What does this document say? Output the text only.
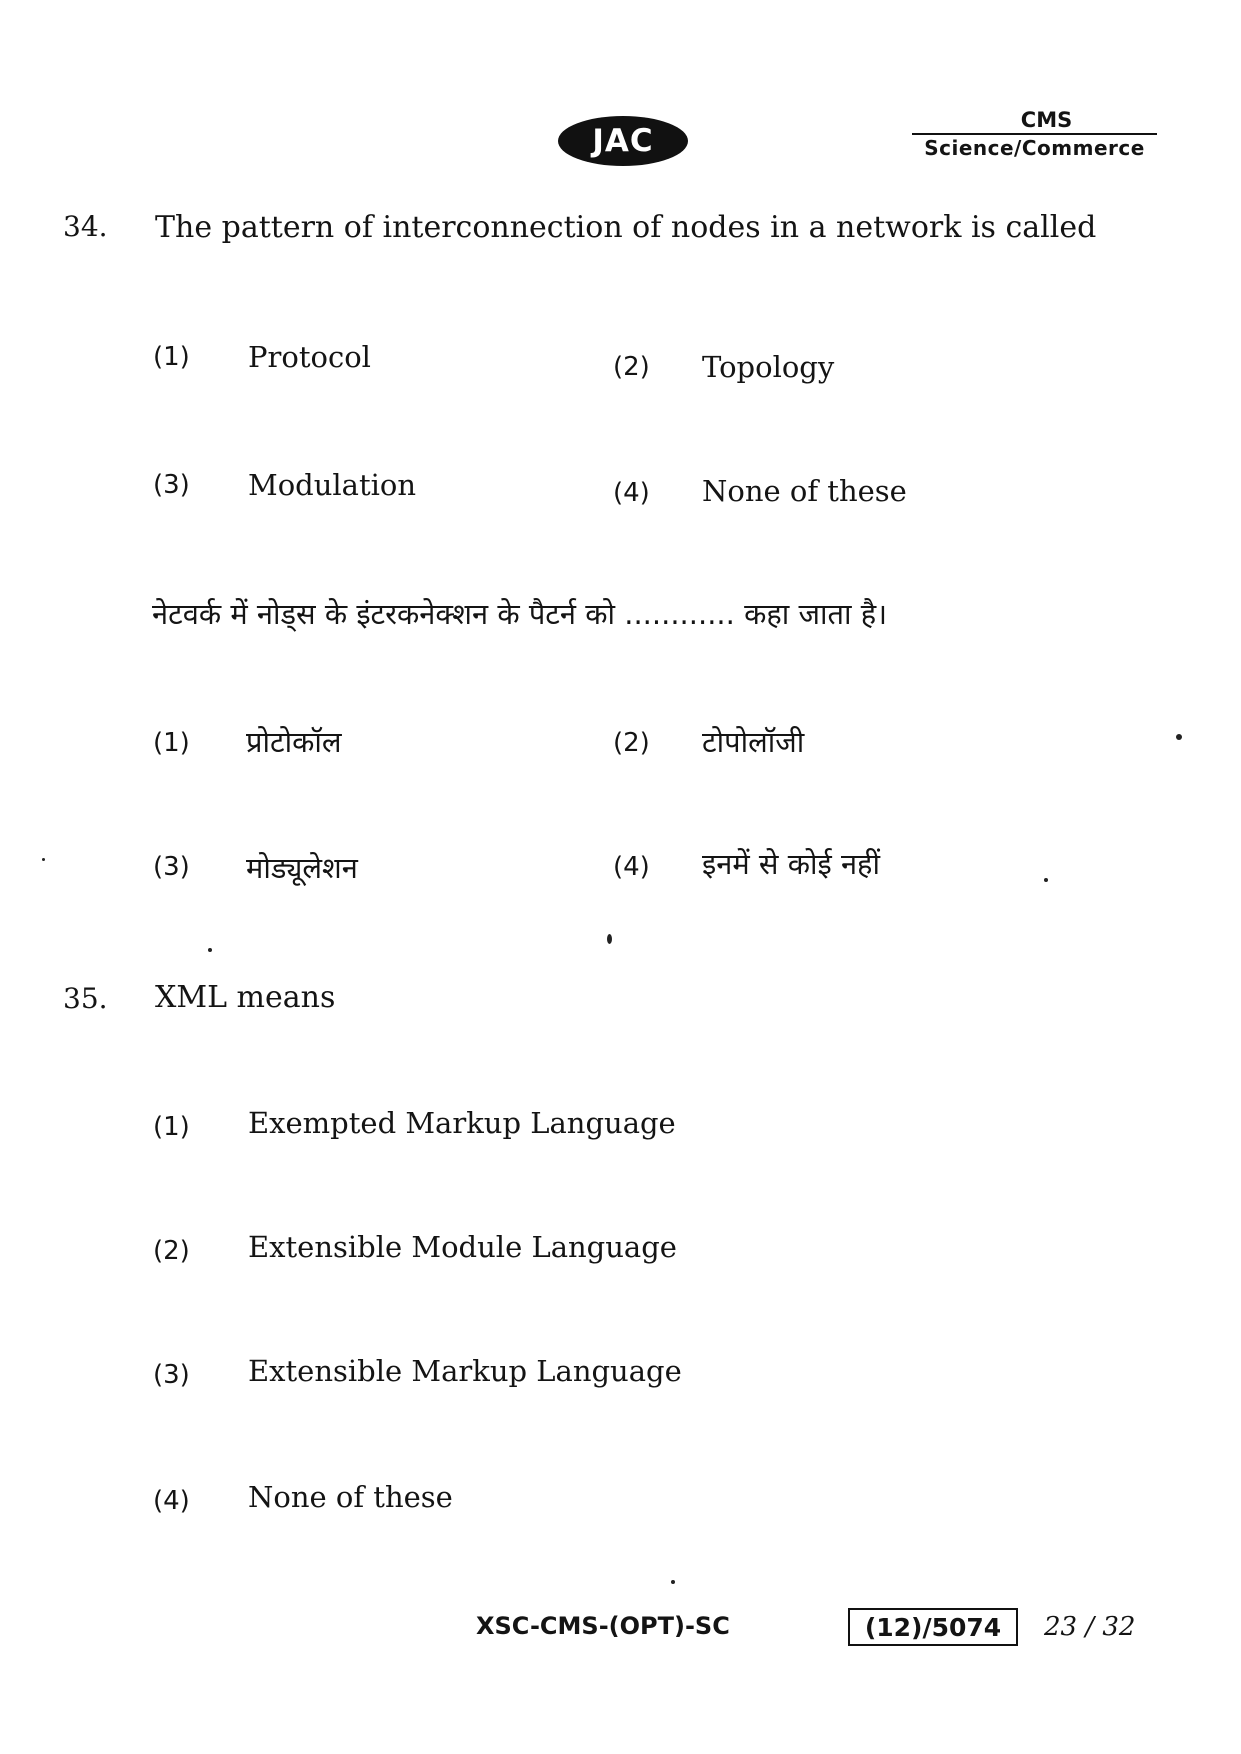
JAC
CMS
Science/Commerce
34. The pattern of interconnection of nodes in a network is called
(1) Protocol	(2) Topology
(3) Modulation	(4) None of these
नेटवर्क में नोड्स के इंटरकनेक्शन के पैटर्न को ............ कहा जाता है।
(1) प्रोटोकॉल	(2) टोपोलॉजी
(3) मोड्यूलेशन	(4) इनमें से कोई नहीं
35. XML means
(1) Exempted Markup Language
(2) Extensible Module Language
(3) Extensible Markup Language
(4) None of these
XSC-CMS-(OPT)-SC	(12)/5074 23 / 32
